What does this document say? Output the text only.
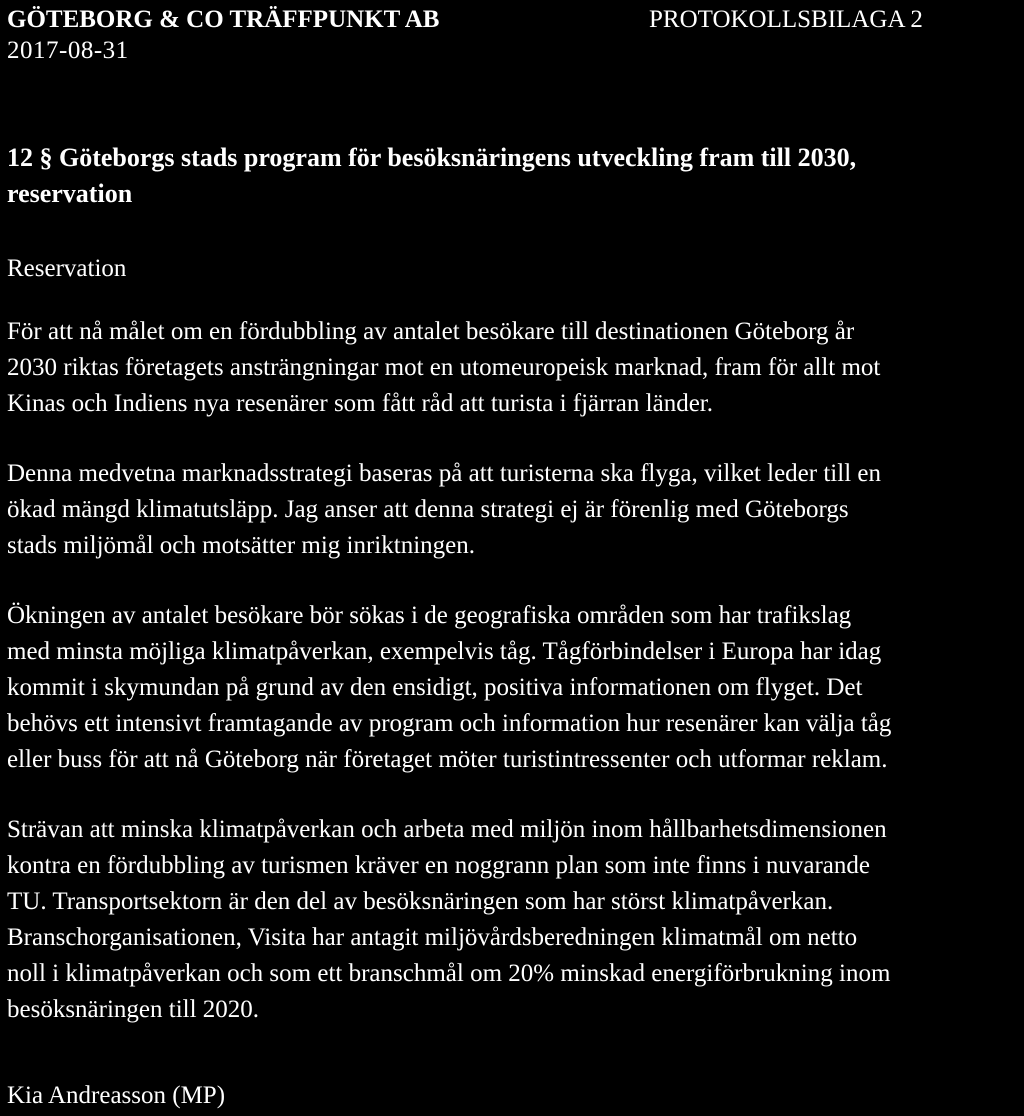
GÖTEBORG & CO TRÄFFPUNKT AB
2017-08-31
PROTOKOLLSBILAGA 2
12 § Göteborgs stads program för besöksnäringens utveckling fram till 2030,
reservation
Reservation
För att nå målet om en fördubbling av antalet besökare till destinationen Göteborg år
2030 riktas företagets ansträngningar mot en utomeuropeisk marknad, fram för allt mot
Kinas och Indiens nya resenärer som fått råd att turista i fjärran länder.
Denna medvetna marknadsstrategi baseras på att turisterna ska flyga, vilket leder till en
ökad mängd klimatutsläpp. Jag anser att denna strategi ej är förenlig med Göteborgs
stads miljömål och motsätter mig inriktningen.
Ökningen av antalet besökare bör sökas i de geografiska områden som har trafikslag
med minsta möjliga klimatpåverkan, exempelvis tåg. Tågförbindelser i Europa har idag
kommit i skymundan på grund av den ensidigt, positiva informationen om flyget. Det
behövs ett intensivt framtagande av program och information hur resenärer kan välja tåg
eller buss för att nå Göteborg när företaget möter turistintressenter och utformar reklam.
Strävan att minska klimatpåverkan och arbeta med miljön inom hållbarhetsdimensionen
kontra en fördubbling av turismen kräver en noggrann plan som inte finns i nuvarande
TU. Transportsektorn är den del av besöksnäringen som har störst klimatpåverkan.
Branschorganisationen, Visita har antagit miljövårdsberedningen klimatmål om netto
noll i klimatpåverkan och som ett branschmål om 20% minskad energiförbrukning inom
besöksnäringen till 2020.
Kia Andreasson (MP)
